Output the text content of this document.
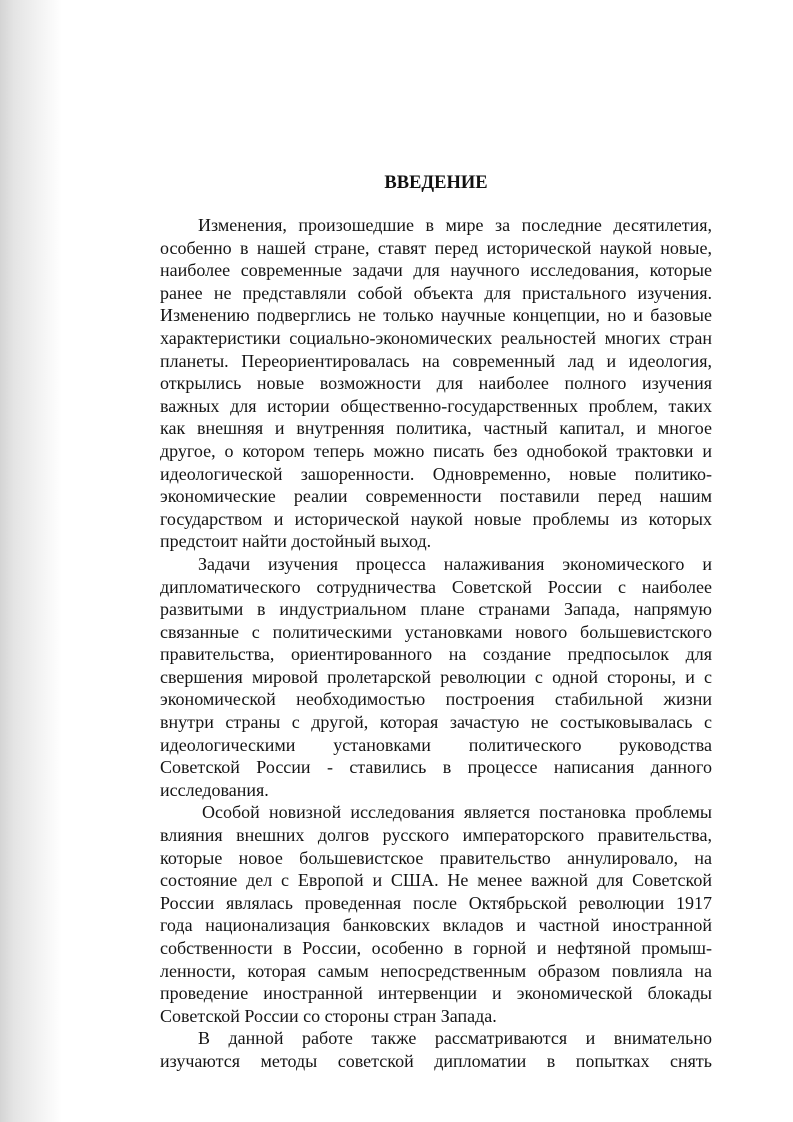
ВВЕДЕНИЕ
Изменения, произошедшие в мире за последние десятилетия,
особенно в нашей стране, ставят перед исторической наукой новые,
наиболее современные задачи для научного исследования, которые
ранее не представляли собой объекта для пристального изучения.
Изменению подверглись не только научные концепции, но и базовые
характеристики социально-экономических реальностей многих стран
планеты. Переориентировалась на современный лад и идеология,
открылись новые возможности для наиболее полного изучения
важных для истории общественно-государственных проблем, таких
как внешняя и внутренняя политика, частный капитал, и многое
другое, о котором теперь можно писать без однобокой трактовки и
идеологической зашоренности. Одновременно, новые политико-
экономические реалии современности поставили перед нашим
государством и исторической наукой новые проблемы из которых
предстоит найти достойный выход.
Задачи изучения процесса налаживания экономического и
дипломатического сотрудничества Советской России с наиболее
развитыми в индустриальном плане странами Запада, напрямую
связанные с политическими установками нового большевистского
правительства, ориентированного на создание предпосылок для
свершения мировой пролетарской революции с одной стороны, и с
экономической необходимостью построения стабильной жизни
внутри страны с другой, которая зачастую не состыковывалась с
идеологическими установками политического руководства
Советской России - ставились в процессе написания данного
исследования.
Особой новизной исследования является постановка проблемы
влияния внешних долгов русского императорского правительства,
которые новое большевистское правительство аннулировало, на
состояние дел с Европой и США. Не менее важной для Советской
России являлась проведенная после Октябрьской революции 1917
года национализация банковских вкладов и частной иностранной
собственности в России, особенно в горной и нефтяной промыш-
ленности, которая самым непосредственным образом повлияла на
проведение иностранной интервенции и экономической блокады
Советской России со стороны стран Запада.
В данной работе также рассматриваются и внимательно
изучаются методы советской дипломатии в попытках снять
